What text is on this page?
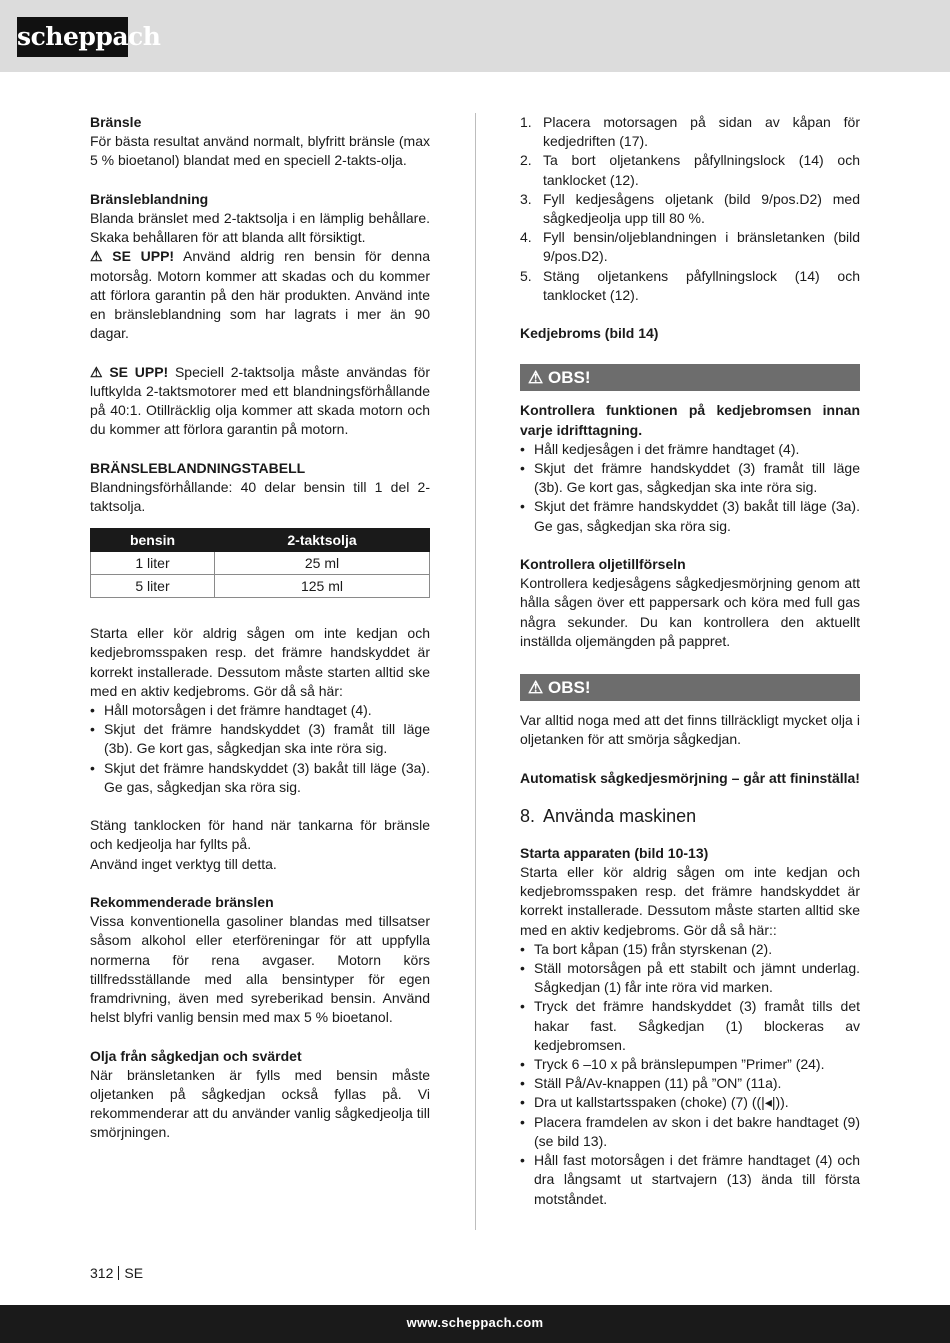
scheppach

Bränsle

För bästa resultat använd normalt, blyfritt bränsle (max 5 % bioetanol) blandat med en speciell 2-takts-olja.

Bränsleblandning

Blanda bränslet med 2-taktsolja i en lämplig behållare. Skaka behållaren för att blanda allt försiktigt.

⚠ SE UPP! Använd aldrig ren bensin för denna motorsåg. Motorn kommer att skadas och du kommer att förlora garantin på den här produkten. Använd inte en bränsleblandning som har lagrats i mer än 90 dagar.

⚠ SE UPP! Speciell 2-taktsolja måste användas för luftkylda 2-taktsmotorer med ett blandningsförhållande på 40:1. Otillräcklig olja kommer att skada motorn och du kommer att förlora garantin på motorn.

BRÄNSLEBLANDNINGSTABELL

Blandningsförhållande: 40 delar bensin till 1 del 2-taktsolja.

bensin	2-taktsolja
1 liter	25 ml
5 liter	125 ml

Starta eller kör aldrig sågen om inte kedjan och kedjebromsspaken resp. det främre handskyddet är korrekt installerade. Dessutom måste starten alltid ske med en aktiv kedjebroms. Gör då så här:

• Håll motorsågen i det främre handtaget (4).
• Skjut det främre handskyddet (3) framåt till läge (3b). Ge kort gas, sågkedjan ska inte röra sig.
• Skjut det främre handskyddet (3) bakåt till läge (3a). Ge gas, sågkedjan ska röra sig.

Stäng tanklocken för hand när tankarna för bränsle och kedjeolja har fyllts på.

Använd inget verktyg till detta.

Rekommenderade bränslen

Vissa konventionella gasoliner blandas med tillsatser såsom alkohol eller eterföreningar för att uppfylla normerna för rena avgaser. Motorn körs tillfredsställande med alla bensintyper för egen framdrivning, även med syreberikad bensin. Använd helst blyfri vanlig bensin med max 5 % bioetanol.

Olja från sågkedjan och svärdet

När bränsletanken är fylls med bensin måste oljetanken på sågkedjan också fyllas på. Vi rekommenderar att du använder vanlig sågkedjeolja till smörjningen.

1. Placera motorsagen på sidan av kåpan för kedjedriften (17).
2. Ta bort oljetankens påfyllningslock (14) och tanklocket (12).
3. Fyll kedjesågens oljetank (bild 9/pos.D2) med sågkedjeolja upp till 80 %.
4. Fyll bensin/oljeblandningen i bränsletanken (bild 9/pos.D2).
5. Stäng oljetankens påfyllningslock (14) och tanklocket (12).

Kedjebroms (bild 14)

⚠ OBS!

Kontrollera funktionen på kedjebromsen innan varje idrifttagning.

• Håll kedjesågen i det främre handtaget (4).
• Skjut det främre handskyddet (3) framåt till läge (3b). Ge kort gas, sågkedjan ska inte röra sig.
• Skjut det främre handskyddet (3) bakåt till läge (3a). Ge gas, sågkedjan ska röra sig.

Kontrollera oljetillförseln

Kontrollera kedjesågens sågkedjesmörjning genom att hålla sågen över ett pappersark och köra med full gas några sekunder. Du kan kontrollera den aktuellt inställda oljemängden på pappret.

⚠ OBS!

Var alltid noga med att det finns tillräckligt mycket olja i oljetanken för att smörja sågkedjan.

Automatisk sågkedjesmörjning – går att fininställa!

8. Använda maskinen

Starta apparaten (bild 10-13)

Starta eller kör aldrig sågen om inte kedjan och kedjebromsspaken resp. det främre handskyddet är korrekt installerade. Dessutom måste starten alltid ske med en aktiv kedjebroms. Gör då så här::

• Ta bort kåpan (15) från styrskenan (2).
• Ställ motorsågen på ett stabilt och jämnt underlag. Sågkedjan (1) får inte röra vid marken.
• Tryck det främre handskyddet (3) framåt tills det hakar fast. Sågkedjan (1) blockeras av kedjebromsen.
• Tryck 6 –10 x på bränslepumpen ”Primer” (24).
• Ställ På/Av-knappen (11) på ”ON” (11a).
• Dra ut kallstartsspaken (choke) (7) ((|◂|)).
• Placera framdelen av skon i det bakre handtaget (9) (se bild 13).
• Håll fast motorsågen i det främre handtaget (4) och dra långsamt ut startvajern (13) ända till första motståndet.
312 SE
www.scheppach.com
